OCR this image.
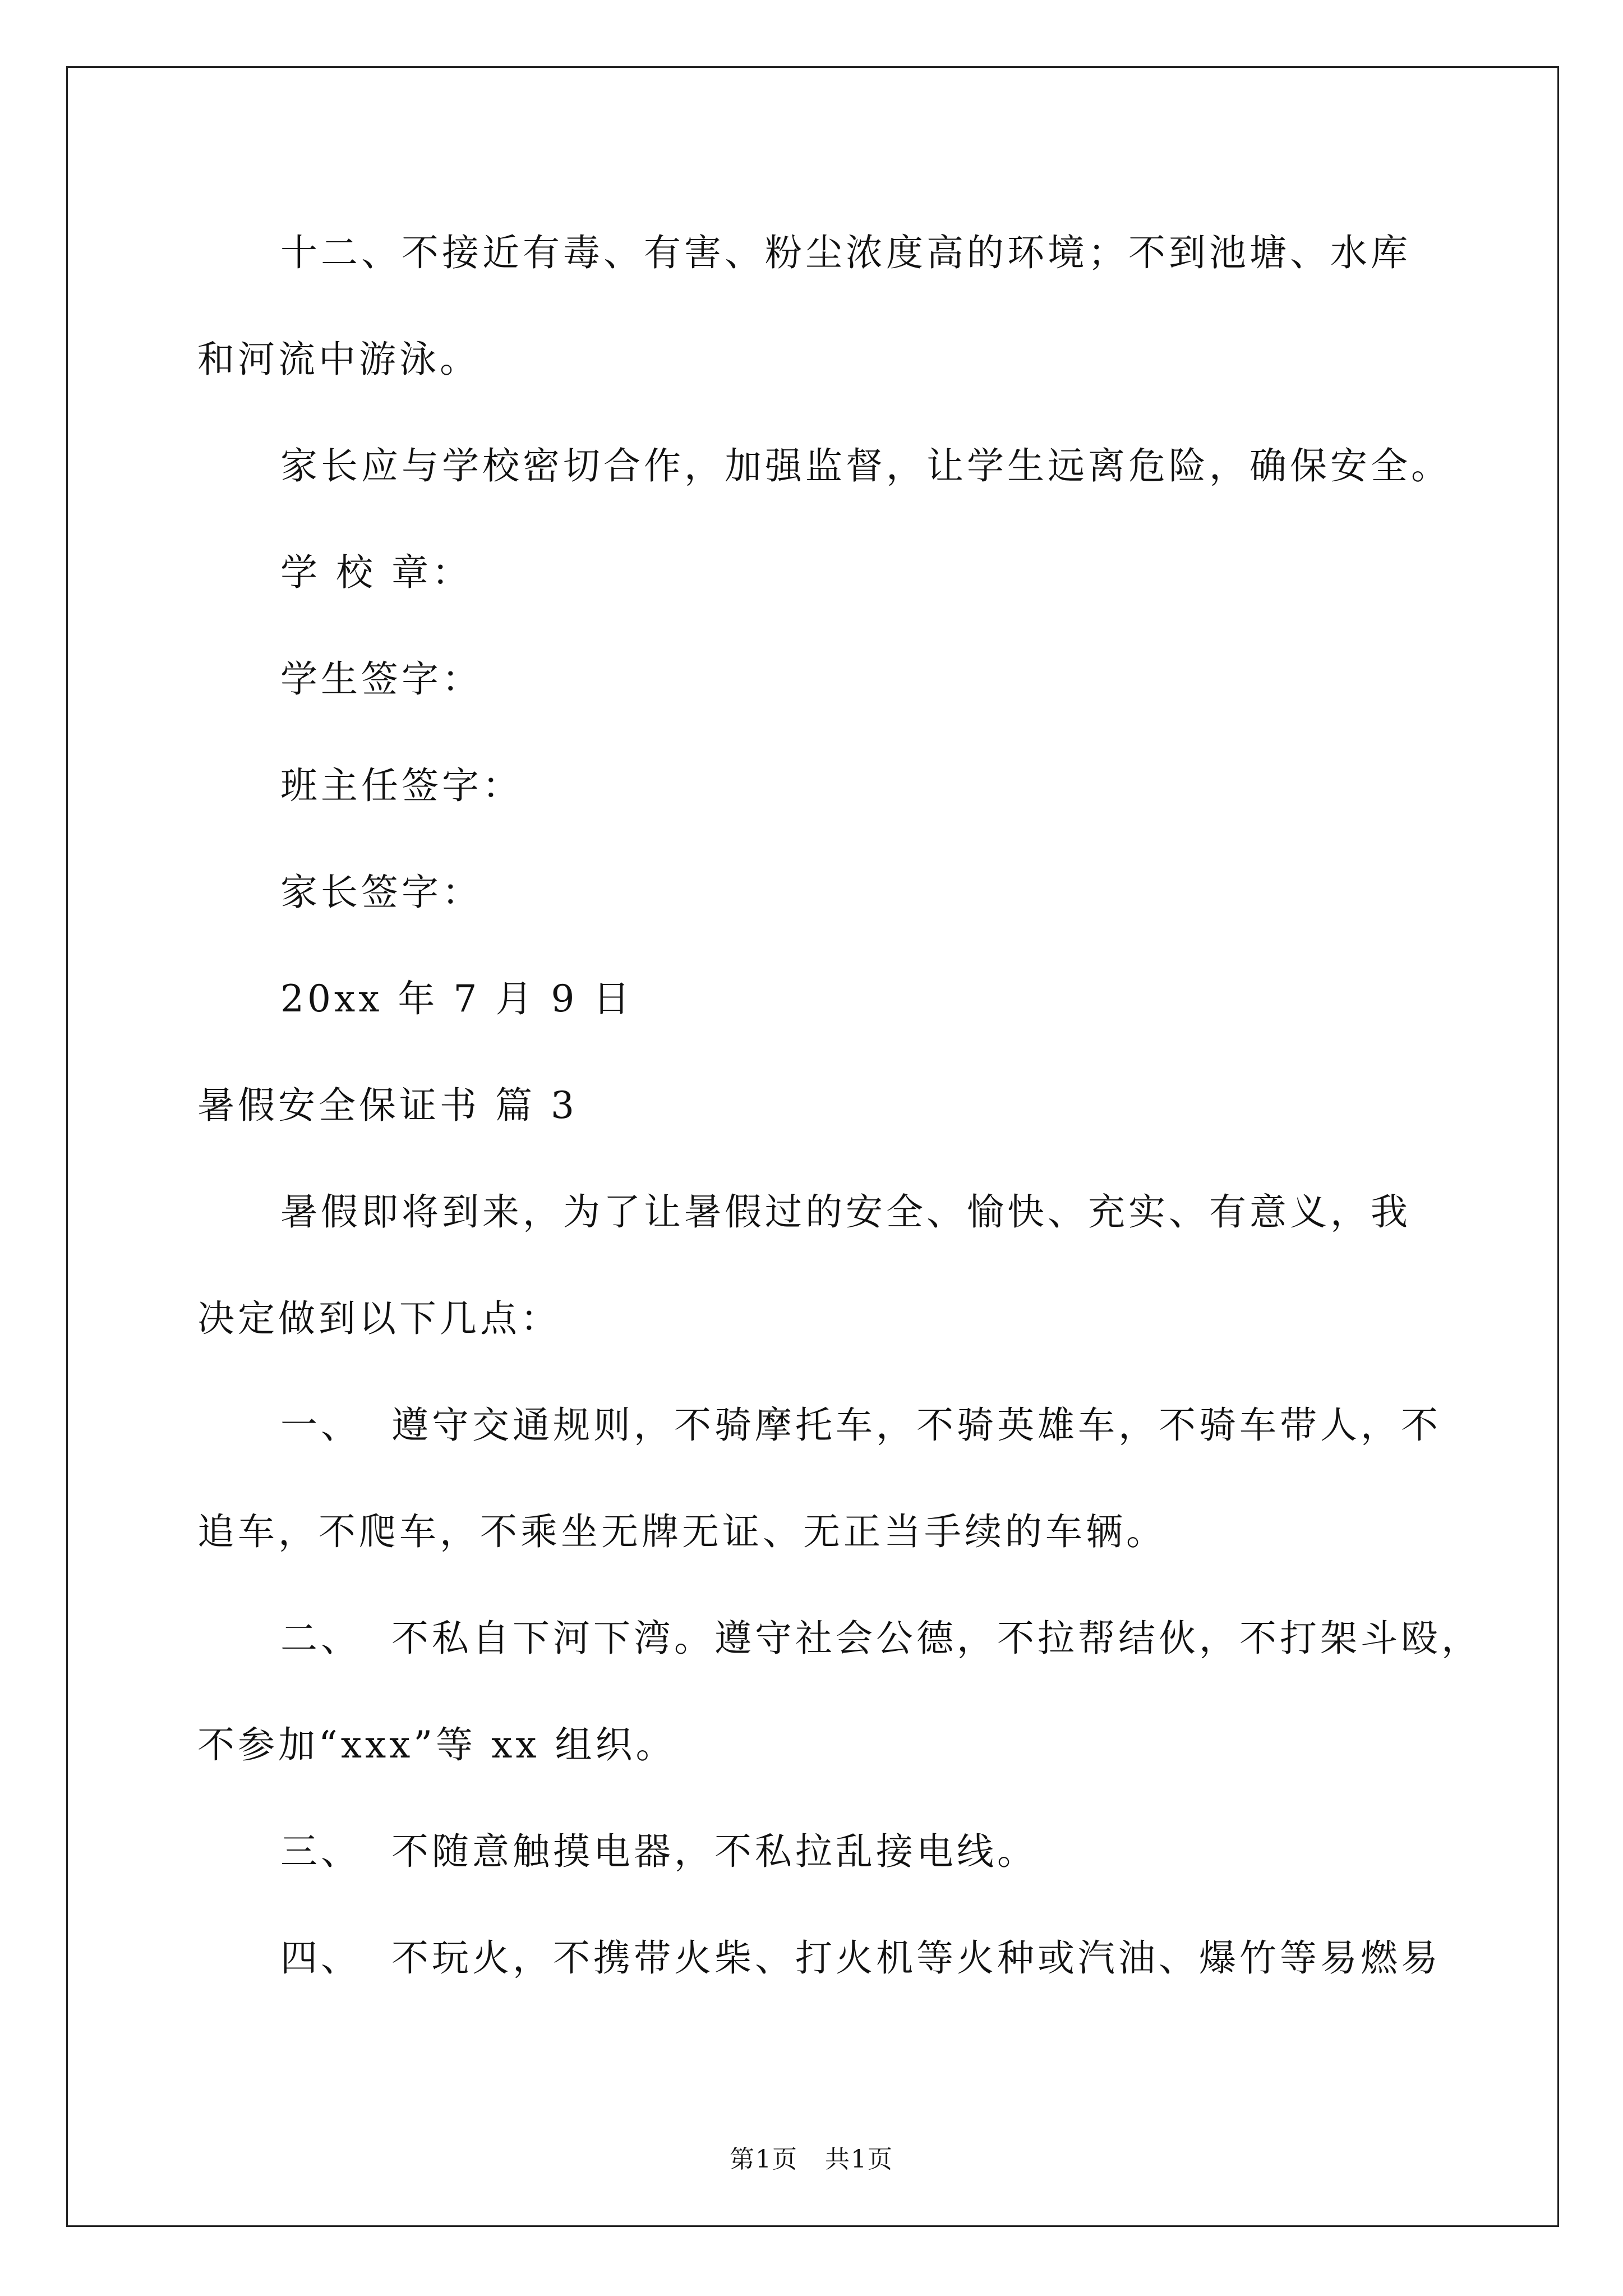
十二、不接近有毒、有害、粉尘浓度高的环境；不到池塘、水库
和河流中游泳。
家长应与学校密切合作，加强监督，让学生远离危险，确保安全。
学 校 章：
学生签字：
班主任签字：
家长签字：
20xx 年 7 月 9 日
暑假安全保证书 篇 3
暑假即将到来，为了让暑假过的安全、愉快、充实、有意义，我
决定做到以下几点：
一、  遵守交通规则，不骑摩托车，不骑英雄车，不骑车带人，不
追车，不爬车，不乘坐无牌无证、无正当手续的车辆。
二、  不私自下河下湾。遵守社会公德，不拉帮结伙，不打架斗殴，
不参加“xxx”等 xx 组织。
三、  不随意触摸电器，不私拉乱接电线。
四、  不玩火，不携带火柴、打火机等火种或汽油、爆竹等易燃易
第1页   共1页
